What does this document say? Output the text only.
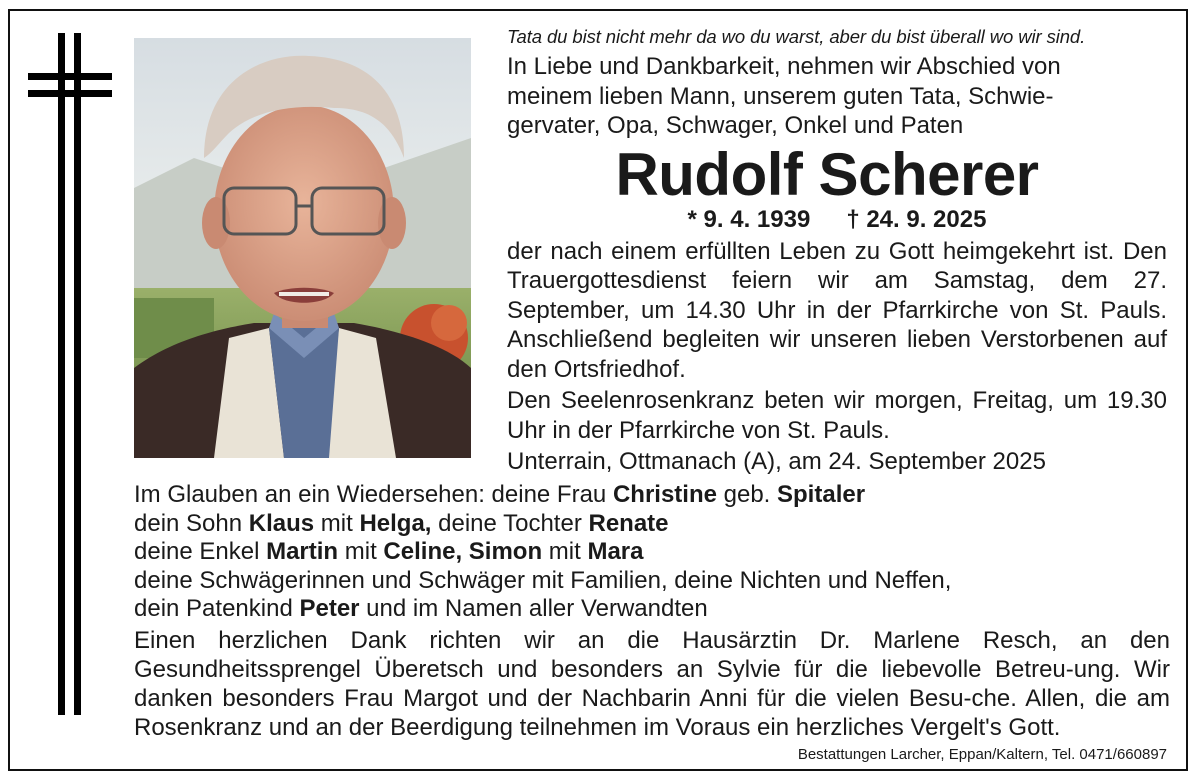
Tata du bist nicht mehr da wo du warst, aber du bist überall wo wir sind.
In Liebe und Dankbarkeit, nehmen wir Abschied von
meinem lieben Mann, unserem guten Tata, Schwie-
gervater, Opa, Schwager, Onkel und Paten
Rudolf Scherer
* 9. 4. 1939 † 24. 9. 2025
der nach einem erfüllten Leben zu Gott heimgekehrt ist. Den Trauergottesdienst feiern wir am Samstag, dem 27. September, um 14.30 Uhr in der Pfarrkirche von St. Pauls. Anschließend begleiten wir unseren lieben Verstorbenen auf den Ortsfriedhof.
Den Seelenrosenkranz beten wir morgen, Freitag, um 19.30 Uhr in der Pfarrkirche von St. Pauls.
Unterrain, Ottmanach (A), am 24. September 2025
Im Glauben an ein Wiedersehen: deine Frau Christine geb. Spitaler
dein Sohn Klaus mit Helga, deine Tochter Renate
deine Enkel Martin mit Celine, Simon mit Mara
deine Schwägerinnen und Schwäger mit Familien, deine Nichten und Neffen,
dein Patenkind Peter und im Namen aller Verwandten
Einen herzlichen Dank richten wir an die Hausärztin Dr. Marlene Resch, an den Gesundheitssprengel Überetsch und besonders an Sylvie für die liebevolle Betreu-ung. Wir danken besonders Frau Margot und der Nachbarin Anni für die vielen Besu-che. Allen, die am Rosenkranz und an der Beerdigung teilnehmen im Voraus ein herzliches Vergelt's Gott.
Bestattungen Larcher, Eppan/Kaltern, Tel. 0471/660897
